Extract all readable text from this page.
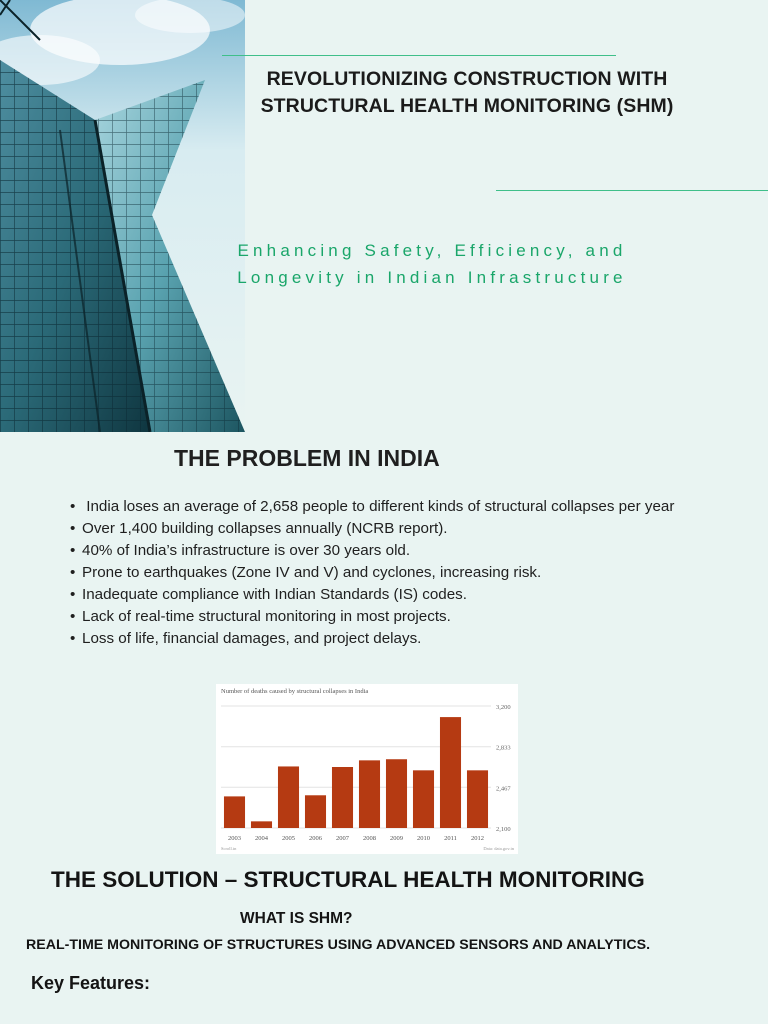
REVOLUTIONIZING CONSTRUCTION WITH
STRUCTURAL HEALTH MONITORING (SHM)

Enhancing Safety, Efficiency, and
Longevity in Indian Infrastructure

THE PROBLEM IN INDIA
• India loses an average of 2,658 people to different kinds of structural collapses per year
• Over 1,400 building collapses annually (NCRB report).
• 40% of India’s infrastructure is over 30 years old.
• Prone to earthquakes (Zone IV and V) and cyclones, increasing risk.
• Inadequate compliance with Indian Standards (IS) codes.
• Lack of real-time structural monitoring in most projects.
• Loss of life, financial damages, and project delays.
3,200
2,833
2,467
2,100
Number of deaths caused by structural collapses in India
2003 2004 2005 2006 2007 2008 2009 2010 2011 2012
Scroll.in	Data: data.gov.in
THE SOLUTION – STRUCTURAL HEALTH MONITORING
WHAT IS SHM?

REAL-TIME MONITORING OF STRUCTURES USING ADVANCED SENSORS AND ANALYTICS.

Key Features:
